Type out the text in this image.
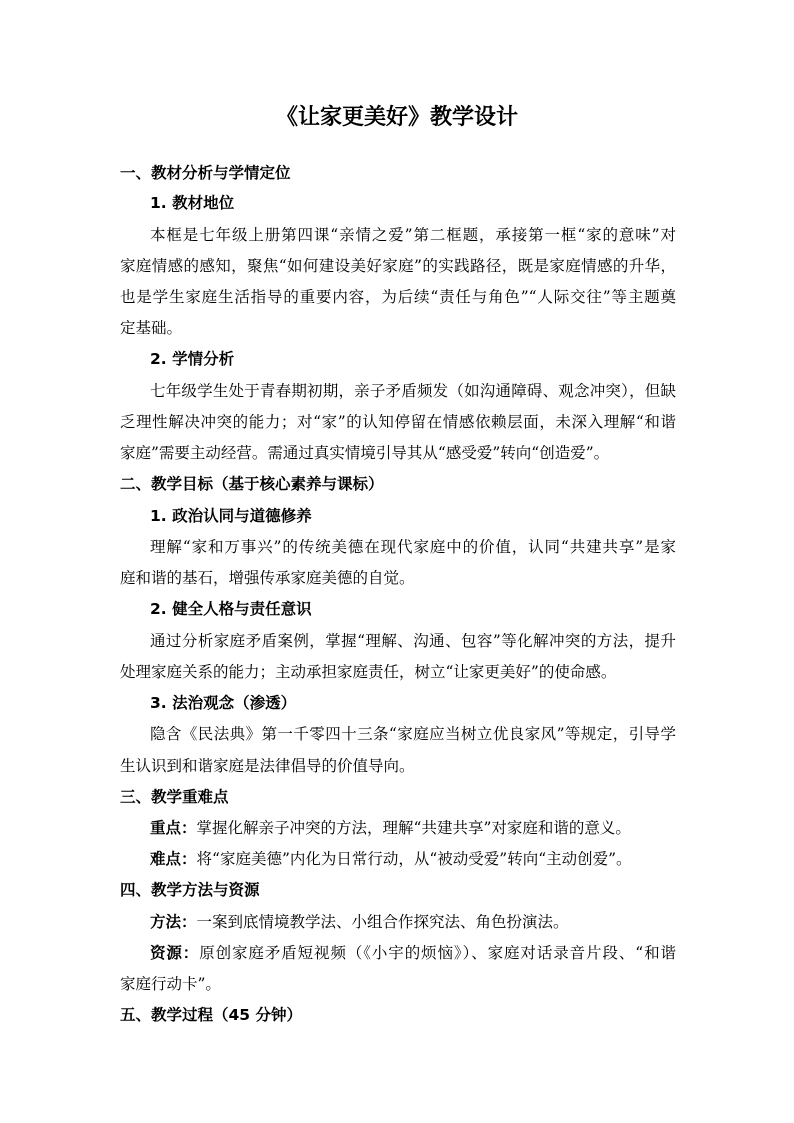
《让家更美好》教学设计
一、教材分析与学情定位
1. 教材地位
本框是七年级上册第四课“亲情之爱”第二框题，承接第一框“家的意味”对
家庭情感的感知，聚焦“如何建设美好家庭”的实践路径，既是家庭情感的升华，
也是学生家庭生活指导的重要内容，为后续“责任与角色”“人际交往”等主题奠
定基础。
2. 学情分析
七年级学生处于青春期初期，亲子矛盾频发（如沟通障碍、观念冲突），但缺
乏理性解决冲突的能力；对“家”的认知停留在情感依赖层面，未深入理解“和谐
家庭”需要主动经营。需通过真实情境引导其从“感受爱”转向“创造爱”。
二、教学目标（基于核心素养与课标）
1. 政治认同与道德修养
理解“家和万事兴”的传统美德在现代家庭中的价值，认同“共建共享”是家
庭和谐的基石，增强传承家庭美德的自觉。
2. 健全人格与责任意识
通过分析家庭矛盾案例，掌握“理解、沟通、包容”等化解冲突的方法，提升
处理家庭关系的能力；主动承担家庭责任，树立“让家更美好”的使命感。
3. 法治观念（渗透）
隐含《民法典》第一千零四十三条“家庭应当树立优良家风”等规定，引导学
生认识到和谐家庭是法律倡导的价值导向。
三、教学重难点
重点：掌握化解亲子冲突的方法，理解“共建共享”对家庭和谐的意义。
难点：将“家庭美德”内化为日常行动，从“被动受爱”转向“主动创爱”。
四、教学方法与资源
方法：一案到底情境教学法、小组合作探究法、角色扮演法。
资源：原创家庭矛盾短视频（《小宇的烦恼》）、家庭对话录音片段、“和谐
家庭行动卡”。
五、教学过程（45 分钟）
